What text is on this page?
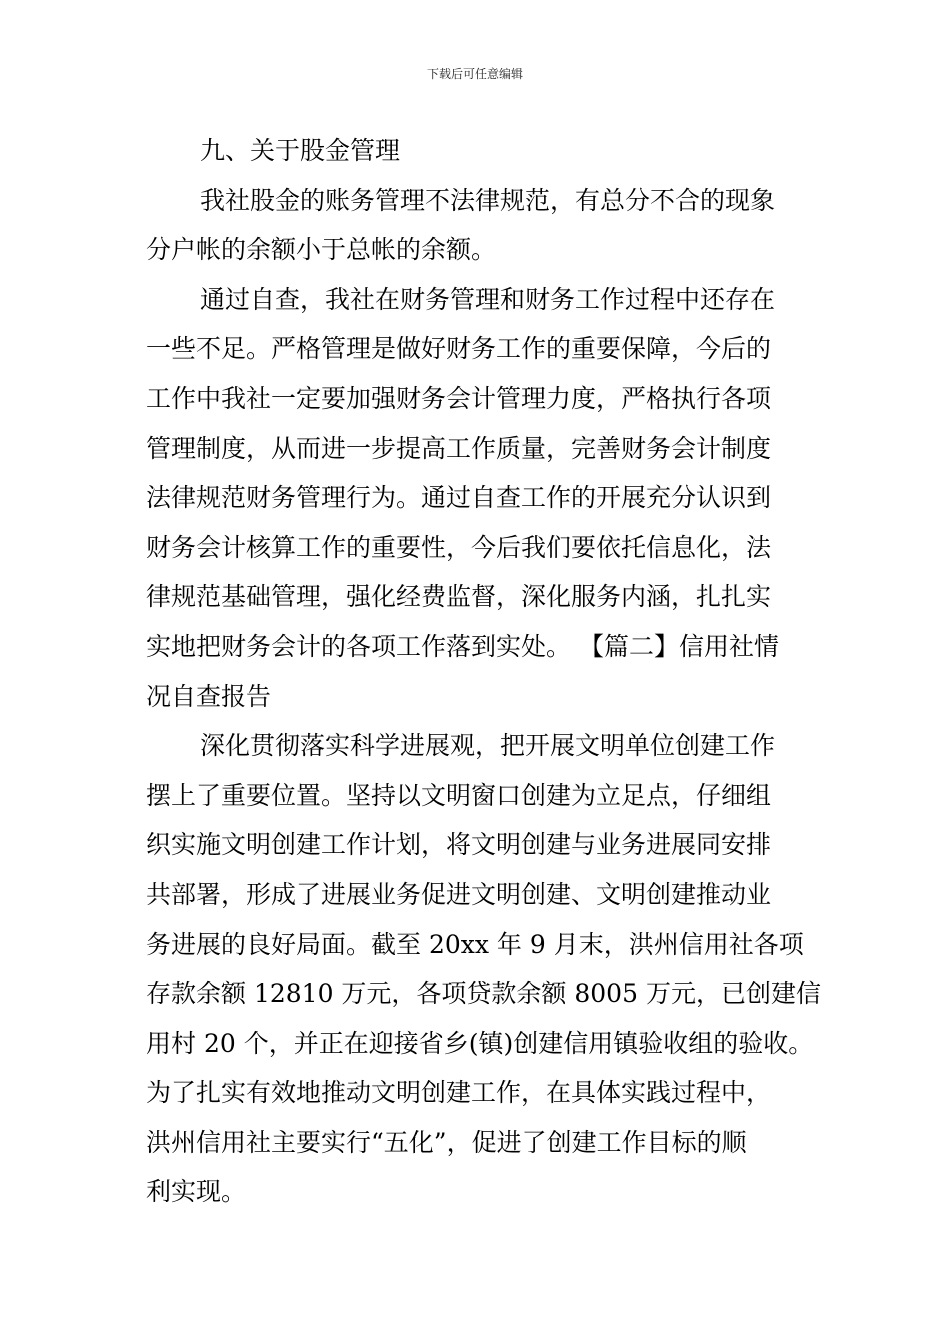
下载后可任意编辑
九、关于股金管理
我社股金的账务管理不法律规范，有总分不合的现象
分户帐的余额小于总帐的余额。
通过自查，我社在财务管理和财务工作过程中还存在
一些不足。严格管理是做好财务工作的重要保障，今后的
工作中我社一定要加强财务会计管理力度，严格执行各项
管理制度，从而进一步提高工作质量，完善财务会计制度
法律规范财务管理行为。通过自查工作的开展充分认识到
财务会计核算工作的重要性，今后我们要依托信息化，法
律规范基础管理，强化经费监督，深化服务内涵，扎扎实
实地把财务会计的各项工作落到实处。 【篇二】信用社情
况自查报告
深化贯彻落实科学进展观，把开展文明单位创建工作
摆上了重要位置。坚持以文明窗口创建为立足点，仔细组
织实施文明创建工作计划，将文明创建与业务进展同安排
共部署，形成了进展业务促进文明创建、文明创建推动业
务进展的良好局面。截至 20xx 年 9 月末，洪州信用社各项
存款余额 12810 万元，各项贷款余额 8005 万元，已创建信
用村 20 个，并正在迎接省乡(镇)创建信用镇验收组的验收。
为了扎实有效地推动文明创建工作，在具体实践过程中，
洪州信用社主要实行“五化”，促进了创建工作目标的顺
利实现。
